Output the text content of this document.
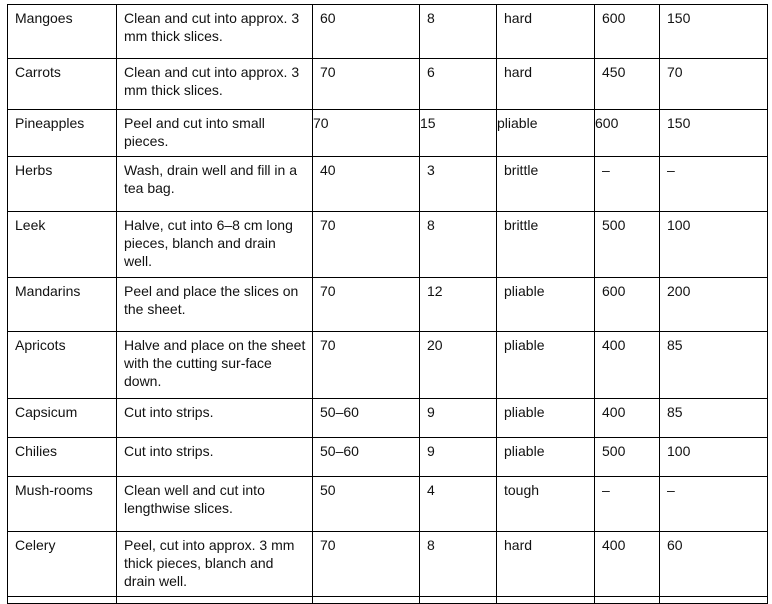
Mangoes	Clean and cut into approx. 3 mm thick slices.	60	8	hard	600	150
Carrots	Clean and cut into approx. 3 mm thick slices.	70	6	hard	450	70
Pineapples	Peel and cut into small pieces.	70	15	pliable	600	150
Herbs	Wash, drain well and fill in a tea bag.	40	3	brittle	–	–
Leek	Halve, cut into 6–8 cm long pieces, blanch and drain well.	70	8	brittle	500	100
Mandarins	Peel and place the slices on the sheet.	70	12	pliable	600	200
Apricots	Halve and place on the sheet with the cutting sur-face down.	70	20	pliable	400	85
Capsicum	Cut into strips.	50–60	9	pliable	400	85
Chilies	Cut into strips.	50–60	9	pliable	500	100
Mush-rooms	Clean well and cut into lengthwise slices.	50	4	tough	–	–
Celery	Peel, cut into approx. 3 mm thick pieces, blanch and drain well.	70	8	hard	400	60
